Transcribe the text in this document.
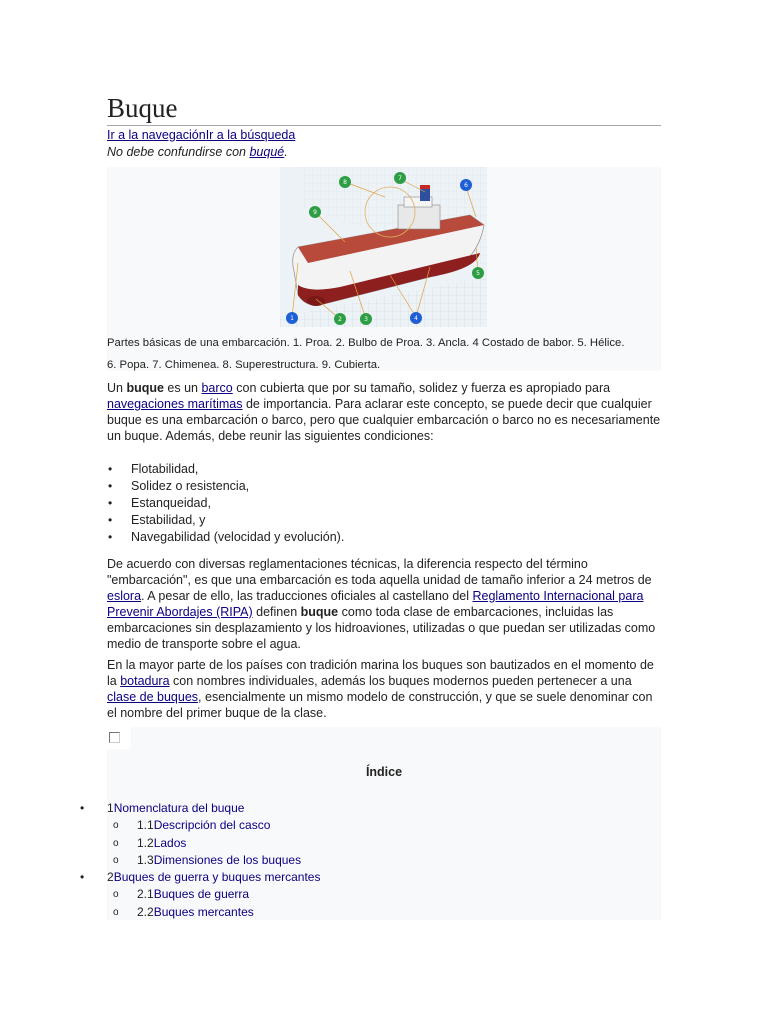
Buque
Ir a la navegaciónIr a la búsqueda
No debe confundirse con buqué.
1	2	3	4
5
6
7
8
9
Partes básicas de una embarcación. 1. Proa. 2. Bulbo de Proa. 3. Ancla. 4 Costado de babor. 5. Hélice.
6. Popa. 7. Chimenea. 8. Superestructura. 9. Cubierta.

Un buque es un barco con cubierta que por su tamaño, solidez y fuerza es apropiado para navegaciones marítimas de importancia. Para aclarar este concepto, se puede decir que cualquier buque es una embarcación o barco, pero que cualquier embarcación o barco no es necesariamente un buque. Además, debe reunir las siguientes condiciones:

• Flotabilidad,
• Solidez o resistencia,
• Estanqueidad,
• Estabilidad, y
• Navegabilidad (velocidad y evolución).

De acuerdo con diversas reglamentaciones técnicas, la diferencia respecto del término "embarcación", es que una embarcación es toda aquella unidad de tamaño inferior a 24 metros de eslora. A pesar de ello, las traducciones oficiales al castellano del Reglamento Internacional para Prevenir Abordajes (RIPA) definen buque como toda clase de embarcaciones, incluidas las embarcaciones sin desplazamiento y los hidroaviones, utilizadas o que puedan ser utilizadas como medio de transporte sobre el agua.

En la mayor parte de los países con tradición marina los buques son bautizados en el momento de la botadura con nombres individuales, además los buques modernos pueden pertenecer a una clase de buques, esencialmente un mismo modelo de construcción, y que se suele denominar con el nombre del primer buque de la clase.

Índice
• 1Nomenclatura del buque
o 1.1Descripción del casco
o 1.2Lados
o 1.3Dimensiones de los buques
• 2Buques de guerra y buques mercantes
o 2.1Buques de guerra
o 2.2Buques mercantes
